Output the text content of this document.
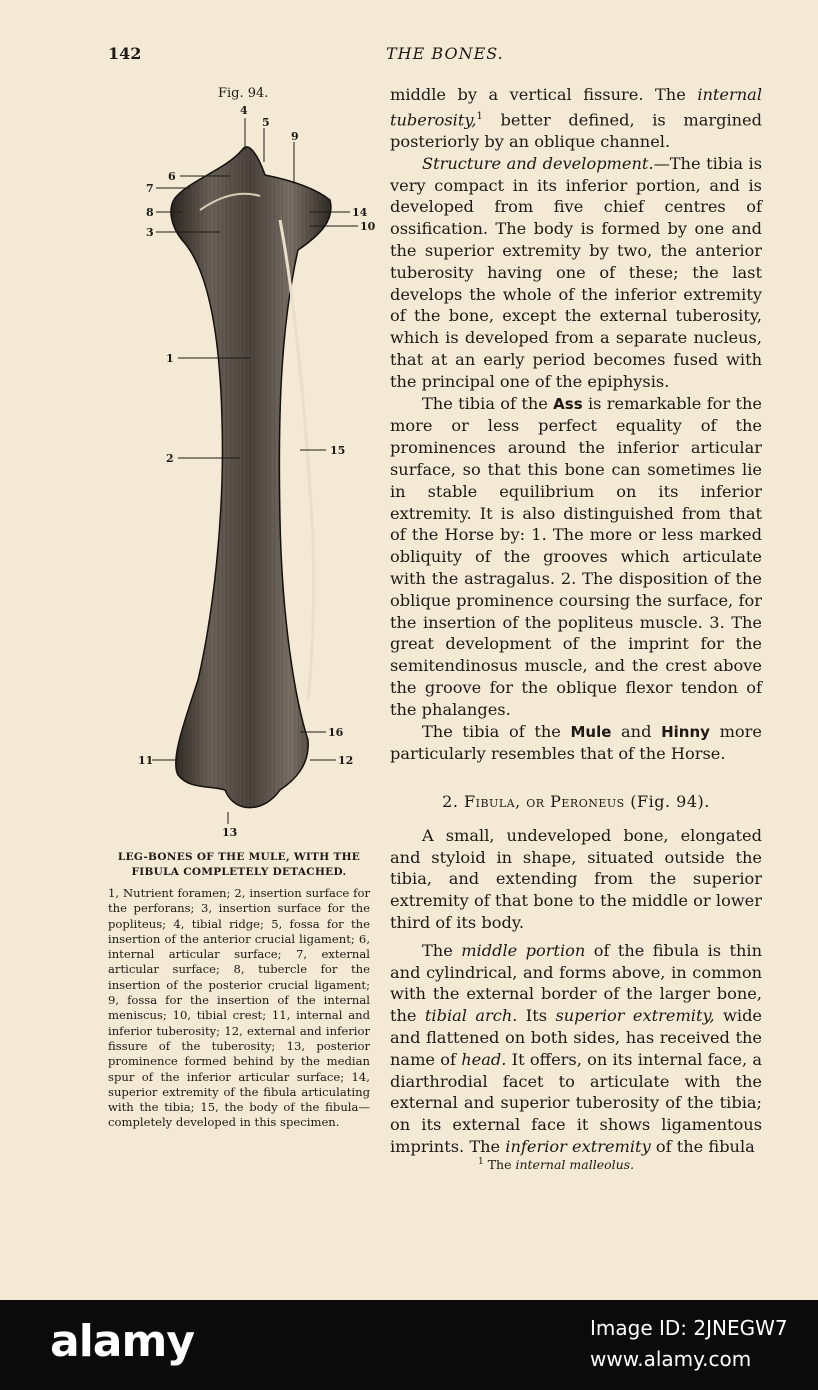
142	THE BONES.
Fig. 94.
4
5
9
6
7
8
3
14
10
1
2
15
16
11	12
13
LEG-BONES OF THE MULE, WITH THE FIBULA COMPLETELY DETACHED.
1, Nutrient foramen; 2, insertion surface for the perforans; 3, insertion surface for the popliteus; 4, tibial ridge; 5, fossa for the insertion of the anterior crucial ligament; 6, internal articular surface; 7, external articular surface; 8, tubercle for the insertion of the posterior crucial ligament; 9, fossa for the insertion of the internal meniscus; 10, tibial crest; 11, internal and inferior tuberosity; 12, external and inferior fissure of the tuberosity; 13, posterior prominence formed behind by the median spur of the inferior articular surface; 14, superior extremity of the fibula articulating with the tibia; 15, the body of the fibula—completely developed in this specimen.

middle by a vertical fissure. The internal tuberosity,$^1$ better defined, is margined posteriorly by an oblique channel.

Structure and development.—The tibia is very compact in its inferior portion, and is developed from five chief centres of ossification. The body is formed by one and the superior extremity by two, the anterior tuberosity having one of these; the last develops the whole of the inferior extremity of the bone, except the external tuberosity, which is developed from a separate nucleus, that at an early period becomes fused with the principal one of the epiphysis.

The tibia of the Ass is remarkable for the more or less perfect equality of the prominences around the inferior articular surface, so that this bone can sometimes lie in stable equilibrium on its inferior extremity. It is also distinguished from that of the Horse by: 1. The more or less marked obliquity of the grooves which articulate with the astragalus. 2. The disposition of the oblique prominence coursing the surface, for the insertion of the popliteus muscle. 3. The great development of the imprint for the semitendinosus muscle, and the crest above the groove for the oblique flexor tendon of the phalanges.

The tibia of the Mule and Hinny more particularly resembles that of the Horse.

2. Fibula, or Peroneus (Fig. 94).

A small, undeveloped bone, elongated and styloid in shape, situated outside the tibia, and extending from the superior extremity of that bone to the middle or lower third of its body.

The middle portion of the fibula is thin and cylindrical, and forms above, in common with the external border of the larger bone, the tibial arch. Its superior extremity, wide and flattened on both sides, has received the name of head. It offers, on its internal face, a diarthrodial facet to articulate with the external and superior tuberosity of the tibia; on its external face it shows ligamentous imprints. The inferior extremity of the fibula

$^1$ The internal malleolus.
alamy	Image ID: 2JNEGW7
www.alamy.com
